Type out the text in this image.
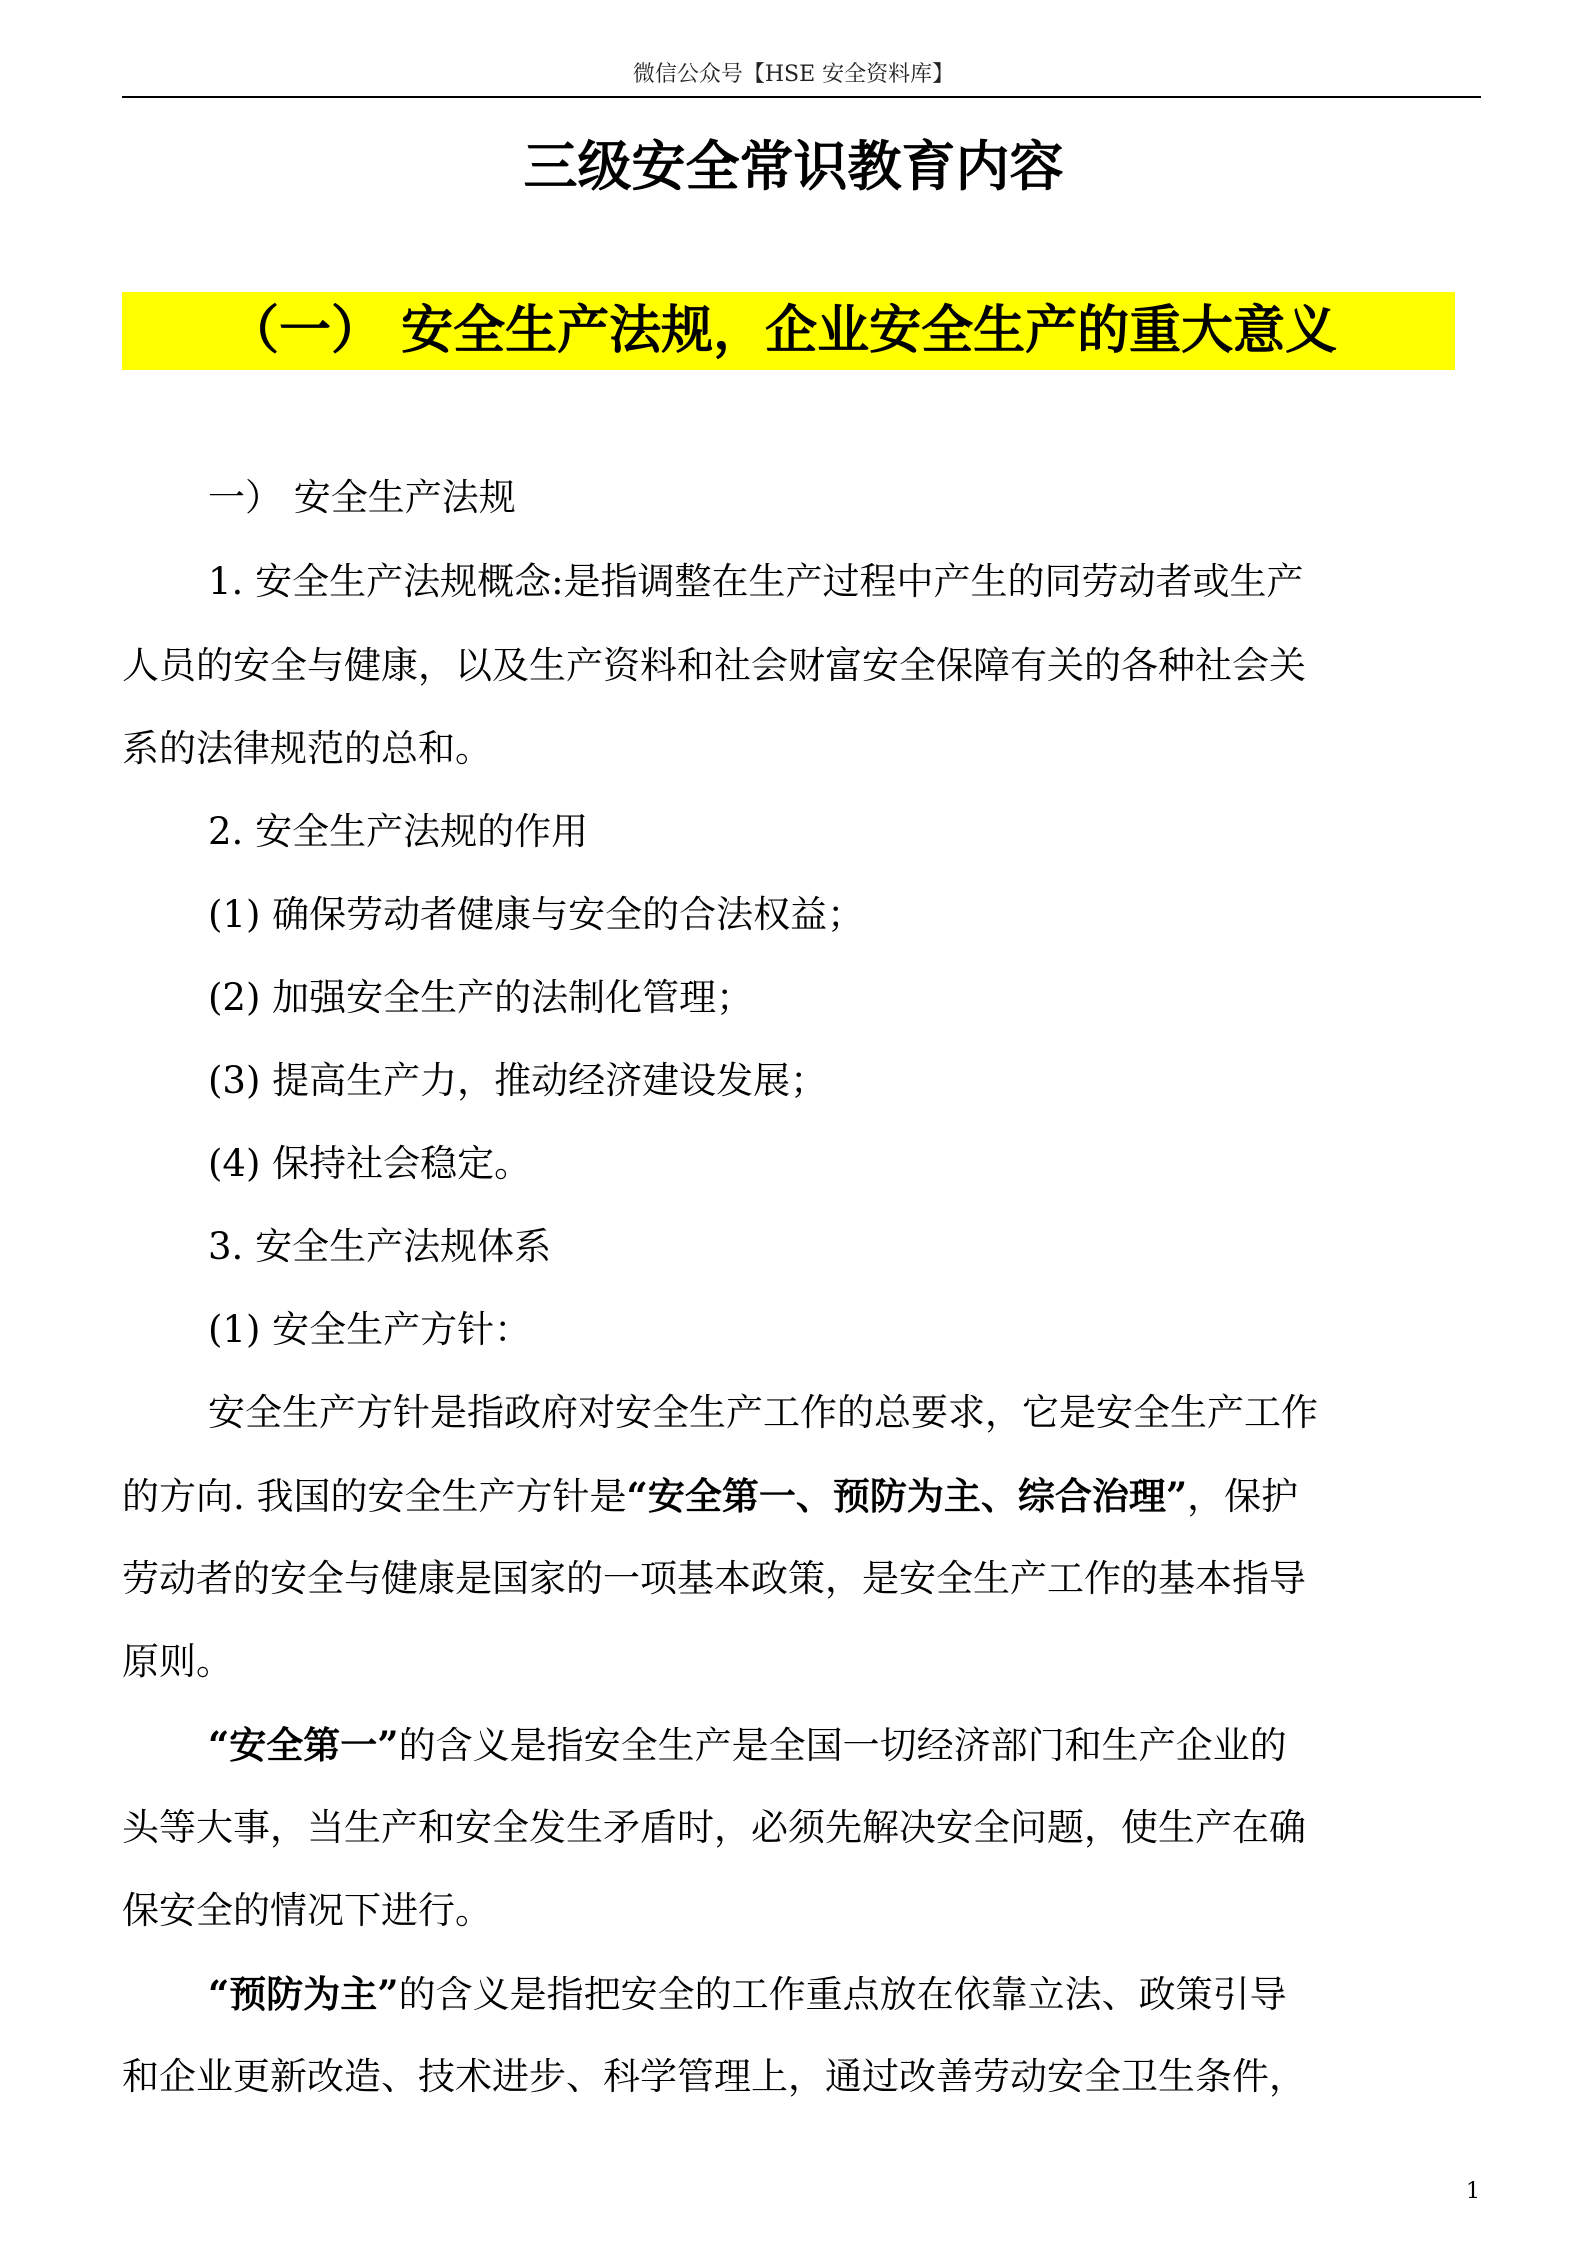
微信公众号【HSE 安全资料库】
三级安全常识教育内容
（一） 安全生产法规，企业安全生产的重大意义
一） 安全生产法规
1. 安全生产法规概念:是指调整在生产过程中产生的同劳动者或生产
人员的安全与健康，以及生产资料和社会财富安全保障有关的各种社会关
系的法律规范的总和。
2. 安全生产法规的作用
(1) 确保劳动者健康与安全的合法权益；
(2) 加强安全生产的法制化管理；
(3) 提高生产力，推动经济建设发展；
(4) 保持社会稳定。
3. 安全生产法规体系
(1) 安全生产方针：
安全生产方针是指政府对安全生产工作的总要求，它是安全生产工作
的方向. 我国的安全生产方针是“安全第一、预防为主、综合治理”，保护
劳动者的安全与健康是国家的一项基本政策，是安全生产工作的基本指导
原则。
“安全第一”的含义是指安全生产是全国一切经济部门和生产企业的
头等大事，当生产和安全发生矛盾时，必须先解决安全问题，使生产在确
保安全的情况下进行。
“预防为主”的含义是指把安全的工作重点放在依靠立法、政策引导
和企业更新改造、技术进步、科学管理上，通过改善劳动安全卫生条件，
1
